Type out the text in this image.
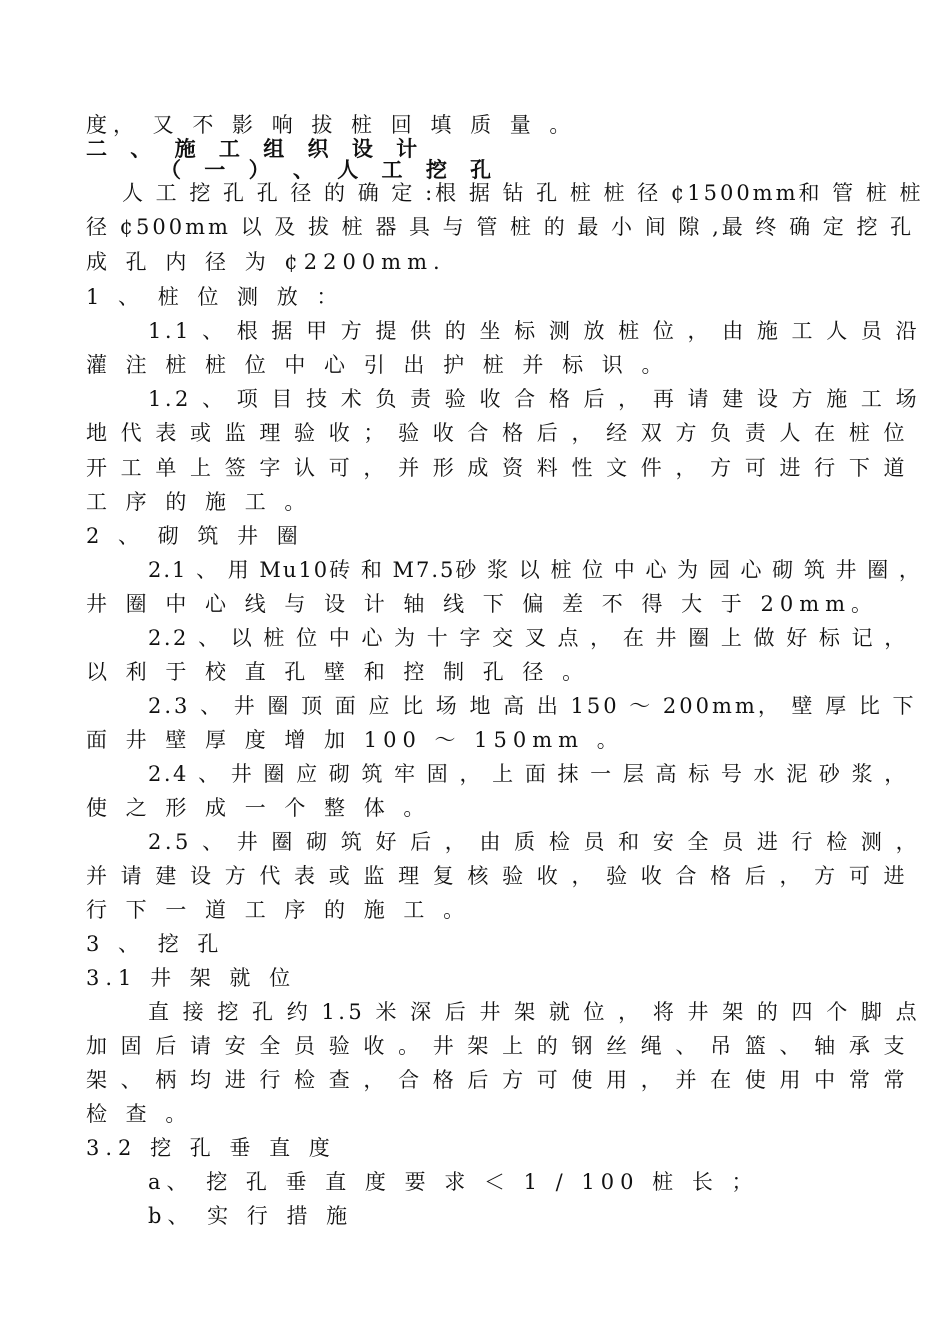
度， 又 不 影 响 拔 桩 回 填 质 量 。
二 、 施 工 组 织 设 计
（ 一 ） 、 人 工 挖 孔
人 工 挖 孔 孔 径 的 确 定 :根 据 钻 孔 桩 桩 径 ¢1500mm和 管 桩 桩
径 ¢500mm 以 及 拔 桩 器 具 与 管 桩 的 最 小 间 隙 ,最 终 确 定 挖 孔
成 孔 内 径 为 ¢2200mm.
1 、 桩 位 测 放 ：
1.1 、 根 据 甲 方 提 供 的 坐 标 测 放 桩 位 ， 由 施 工 人 员 沿
灌 注 桩 桩 位 中 心 引 出 护 桩 并 标 识 。
1.2 、 项 目 技 术 负 责 验 收 合 格 后 ， 再 请 建 设 方 施 工 场
地 代 表 或 监 理 验 收 ； 验 收 合 格 后 ， 经 双 方 负 责 人 在 桩 位
开 工 单 上 签 字 认 可 ， 并 形 成 资 料 性 文 件 ， 方 可 进 行 下 道
工 序 的 施 工 。
2 、 砌 筑 井 圈
2.1 、 用 Mu10砖 和 M7.5砂 浆 以 桩 位 中 心 为 园 心 砌 筑 井 圈 ，
井 圈 中 心 线 与 设 计 轴 线 下 偏 差 不 得 大 于 20mm。
2.2 、 以 桩 位 中 心 为 十 字 交 叉 点 ， 在 井 圈 上 做 好 标 记 ，
以 利 于 校 直 孔 壁 和 控 制 孔 径 。
2.3 、 井 圈 顶 面 应 比 场 地 高 出 150 ～ 200mm， 壁 厚 比 下
面 井 壁 厚 度 增 加 100 ～ 150mm 。
2.4 、 井 圈 应 砌 筑 牢 固 ， 上 面 抹 一 层 高 标 号 水 泥 砂 浆 ，
使 之 形 成 一 个 整 体 。
2.5 、 井 圈 砌 筑 好 后 ， 由 质 检 员 和 安 全 员 进 行 检 测 ，
并 请 建 设 方 代 表 或 监 理 复 核 验 收 ， 验 收 合 格 后 ， 方 可 进
行 下 一 道 工 序 的 施 工 。
3 、 挖 孔
3.1 井 架 就 位
直 接 挖 孔 约 1.5 米 深 后 井 架 就 位 ， 将 井 架 的 四 个 脚 点
加 固 后 请 安 全 员 验 收 。 井 架 上 的 钢 丝 绳 、 吊 篮 、 轴 承 支
架 、 柄 均 进 行 检 查 ， 合 格 后 方 可 使 用 ， 并 在 使 用 中 常 常
检 查 。
3.2 挖 孔 垂 直 度
a、 挖 孔 垂 直 度 要 求 ＜ 1 / 100 桩 长 ；
b、 实 行 措 施
